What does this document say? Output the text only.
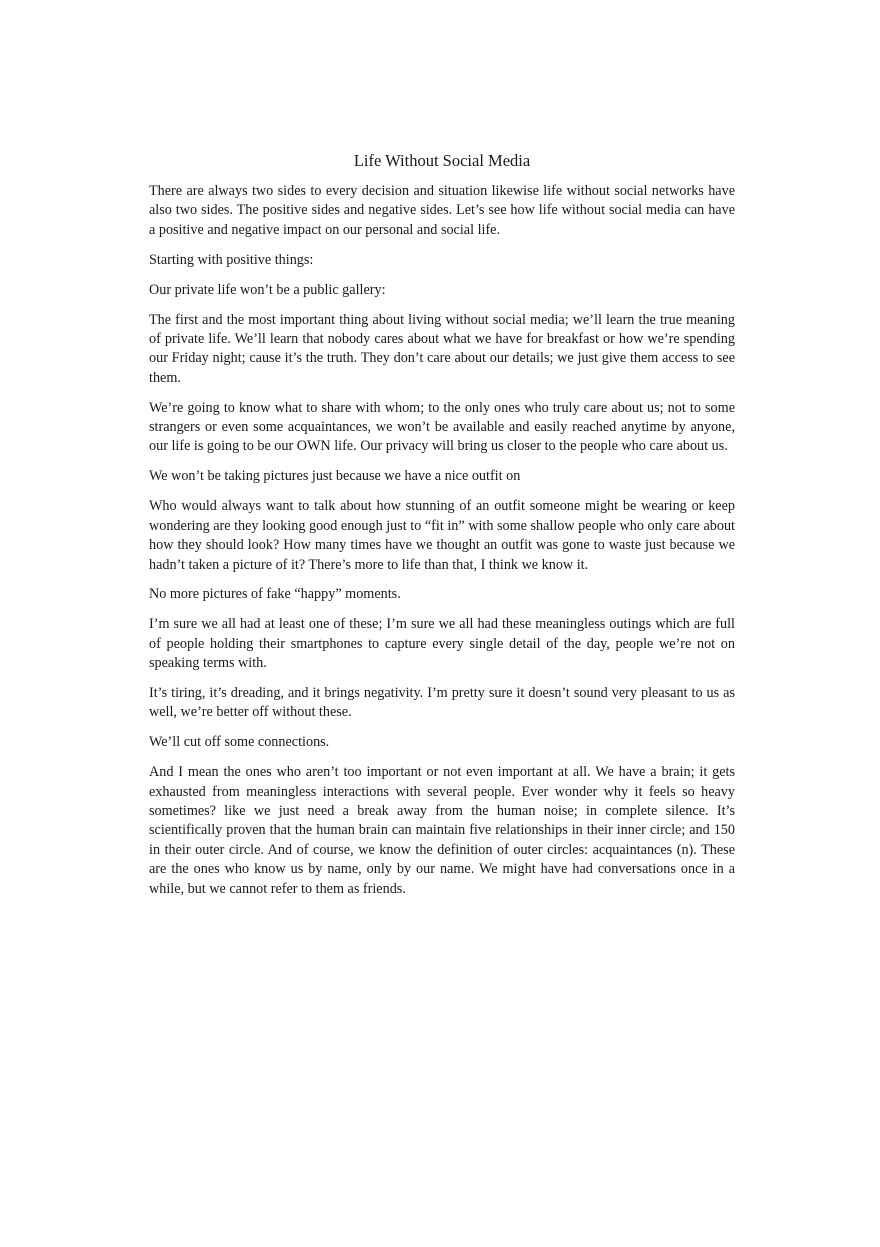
Life Without Social Media

There are always two sides to every decision and situation likewise life without social networks have also two sides. The positive sides and negative sides. Let’s see how life without social media can have a positive and negative impact on our personal and social life.

Starting with positive things:

Our private life won’t be a public gallery:

The first and the most important thing about living without social media; we’ll learn the true meaning of private life. We’ll learn that nobody cares about what we have for breakfast or how we’re spending our Friday night; cause it’s the truth. They don’t care about our details; we just give them access to see them.

We’re going to know what to share with whom; to the only ones who truly care about us; not to some strangers or even some acquaintances, we won’t be available and easily reached anytime by anyone, our life is going to be our OWN life. Our privacy will bring us closer to the people who care about us.

We won’t be taking pictures just because we have a nice outfit on

Who would always want to talk about how stunning of an outfit someone might be wearing or keep wondering are they looking good enough just to “fit in” with some shallow people who only care about how they should look? How many times have we thought an outfit was gone to waste just because we hadn’t taken a picture of it? There’s more to life than that, I think we know it.

No more pictures of fake “happy” moments.

I’m sure we all had at least one of these; I’m sure we all had these meaningless outings which are full of people holding their smartphones to capture every single detail of the day, people we’re not on speaking terms with.

It’s tiring, it’s dreading, and it brings negativity. I’m pretty sure it doesn’t sound very pleasant to us as well, we’re better off without these.

We’ll cut off some connections.

And I mean the ones who aren’t too important or not even important at all. We have a brain; it gets exhausted from meaningless interactions with several people. Ever wonder why it feels so heavy sometimes? like we just need a break away from the human noise; in complete silence. It’s scientifically proven that the human brain can maintain five relationships in their inner circle; and 150 in their outer circle. And of course, we know the definition of outer circles: acquaintances (n). These are the ones who know us by name, only by our name. We might have had conversations once in a while, but we cannot refer to them as friends.
